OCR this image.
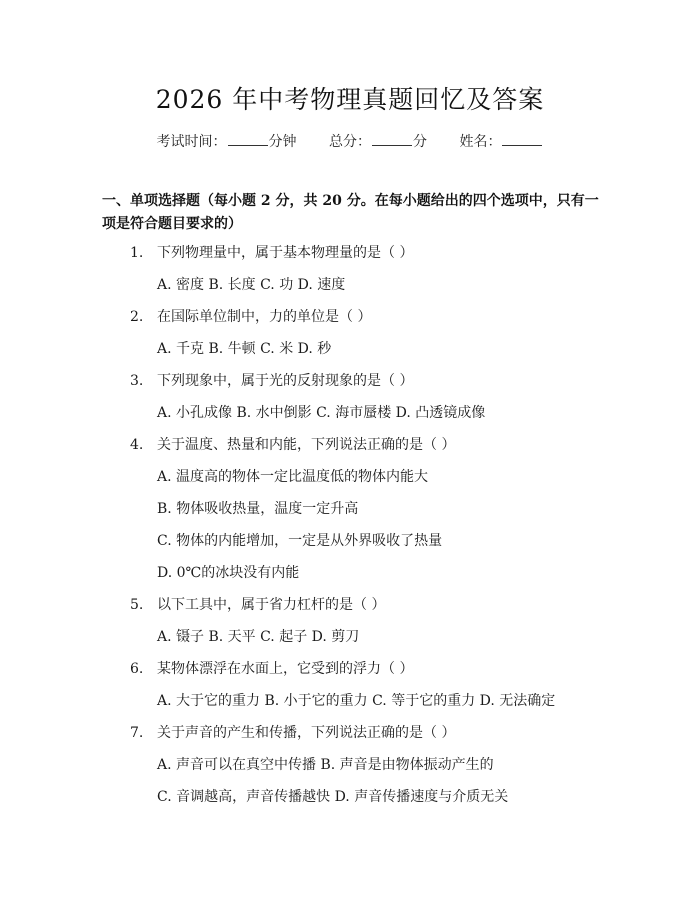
2026 年中考物理真题回忆及答案
考试时间：	分钟 总分：	分 姓名：
一、单项选择题（每小题 2 分，共 20 分。在每小题给出的四个选项中，只有一项是符合题目要求的）
1. 下列物理量中，属于基本物理量的是（ ）
A. 密度 B. 长度 C. 功 D. 速度
2. 在国际单位制中，力的单位是（ ）
A. 千克 B. 牛顿 C. 米 D. 秒
3. 下列现象中，属于光的反射现象的是（ ）
A. 小孔成像 B. 水中倒影 C. 海市蜃楼 D. 凸透镜成像
4. 关于温度、热量和内能，下列说法正确的是（ ）
A. 温度高的物体一定比温度低的物体内能大
B. 物体吸收热量，温度一定升高
C. 物体的内能增加，一定是从外界吸收了热量
D. 0℃的冰块没有内能
5. 以下工具中，属于省力杠杆的是（ ）
A. 镊子 B. 天平 C. 起子 D. 剪刀
6. 某物体漂浮在水面上，它受到的浮力（ ）
A. 大于它的重力 B. 小于它的重力 C. 等于它的重力 D. 无法确定
7. 关于声音的产生和传播，下列说法正确的是（ ）
A. 声音可以在真空中传播 B. 声音是由物体振动产生的
C. 音调越高，声音传播越快 D. 声音传播速度与介质无关
